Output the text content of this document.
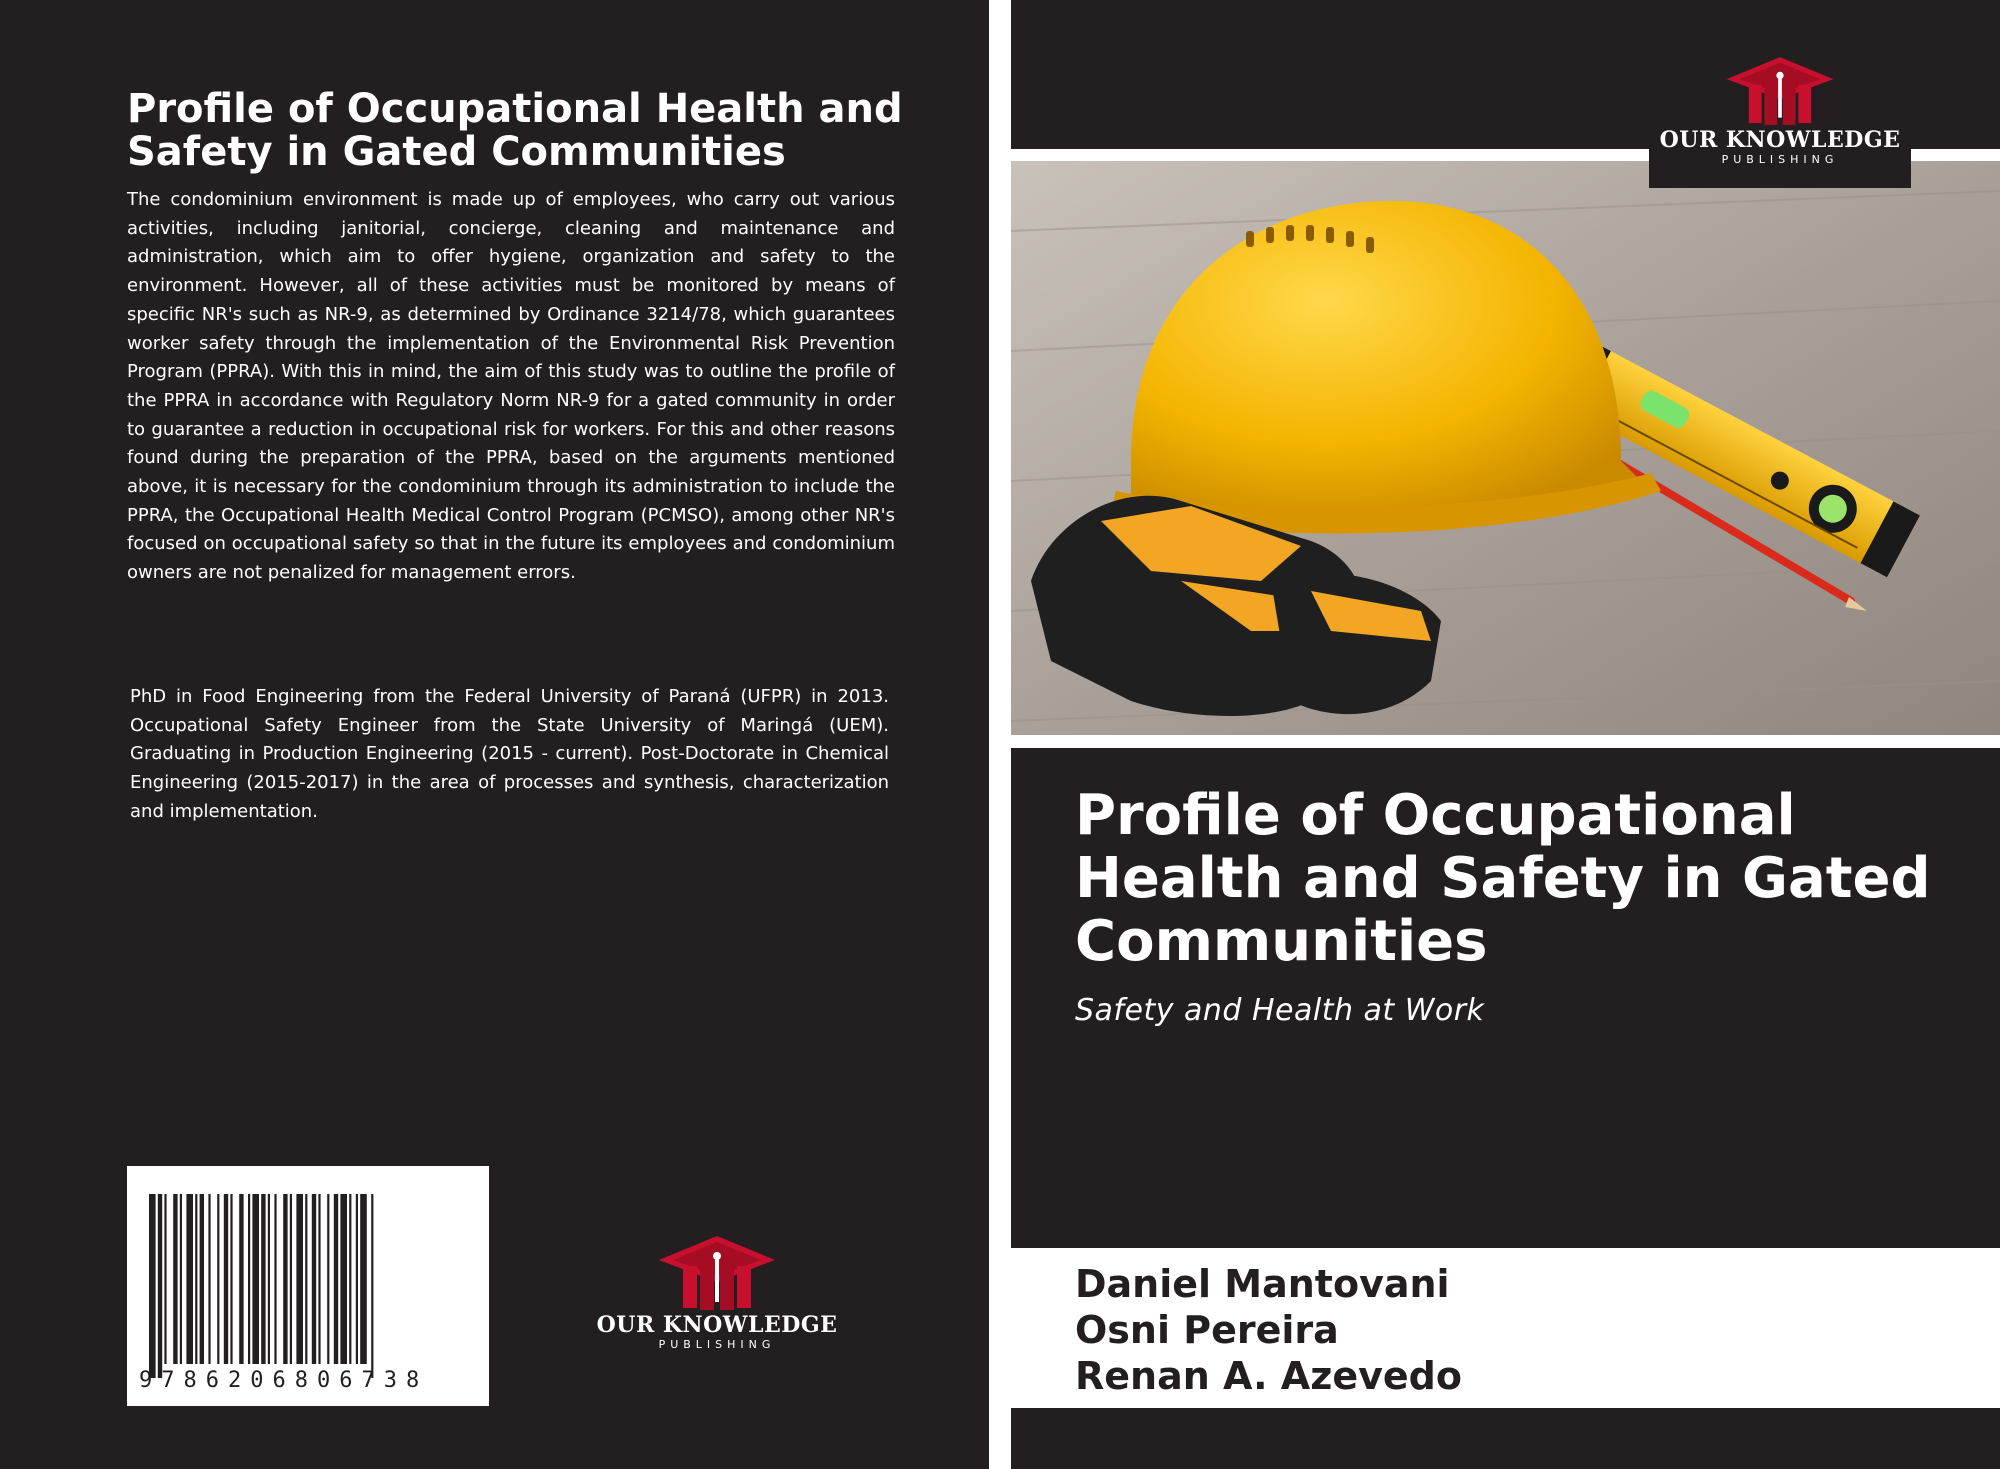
Profile of Occupational Health and Safety in Gated Communities

The condominium environment is made up of employees, who carry out various activities, including janitorial, concierge, cleaning and maintenance and administration, which aim to offer hygiene, organization and safety to the environment. However, all of these activities must be monitored by means of specific NR's such as NR-9, as determined by Ordinance 3214/78, which guarantees worker safety through the implementation of the Environmental Risk Prevention Program (PPRA). With this in mind, the aim of this study was to outline the profile of the PPRA in accordance with Regulatory Norm NR-9 for a gated community in order to guarantee a reduction in occupational risk for workers. For this and other reasons found during the preparation of the PPRA, based on the arguments mentioned above, it is necessary for the condominium through its administration to include the PPRA, the Occupational Health Medical Control Program (PCMSO), among other NR's focused on occupational safety so that in the future its employees and condominium owners are not penalized for management errors.

PhD in Food Engineering from the Federal University of Paraná (UFPR) in 2013. Occupational Safety Engineer from the State University of Maringá (UEM). Graduating in Production Engineering (2015 - current). Post-Doctorate in Chemical Engineering (2015-2017) in the area of processes and synthesis, characterization and implementation.

9786206806738

OUR KNOWLEDGE
PUBLISHING
OUR KNOWLEDGE
PUBLISHING
Profile of Occupational Health and Safety in Gated Communities
Safety and Health at Work

Daniel Mantovani

Osni Pereira

Renan A. Azevedo
